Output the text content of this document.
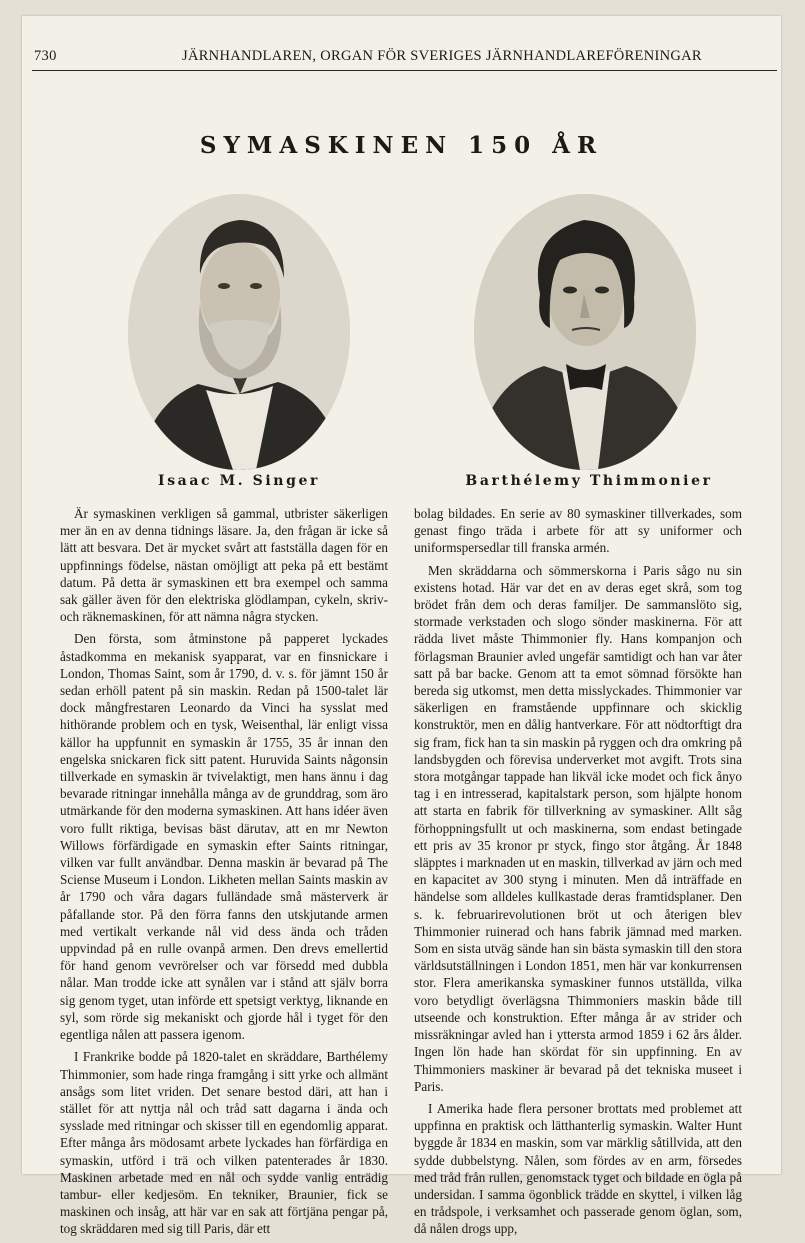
730	JÄRNHANDLAREN, ORGAN FÖR SVERIGES JÄRNHANDLAREFÖRENINGAR
SYMASKINEN 150 ÅR
Isaac M. Singer	Barthélemy Thimmonier

Är symaskinen verkligen så gammal, utbrister säkerligen mer än en av denna tidnings läsare. Ja, den frågan är icke så lätt att besvara. Det är mycket svårt att fastställa dagen för en uppfinnings födelse, nästan omöjligt att peka på ett bestämt datum. På detta är symaskinen ett bra exempel och samma sak gäller även för den elektriska glödlampan, cykeln, skriv- och räknemaskinen, för att nämna några stycken.

Den första, som åtminstone på papperet lyckades åstadkomma en mekanisk syapparat, var en finsnickare i London, Thomas Saint, som år 1790, d. v. s. för jämnt 150 år sedan erhöll patent på sin maskin. Redan på 1500-talet lär dock mångfrestaren Leonardo da Vinci ha sysslat med hithörande problem och en tysk, Weisenthal, lär enligt vissa källor ha uppfunnit en symaskin år 1755, 35 år innan den engelska snickaren fick sitt patent. Huruvida Saints någonsin tillverkade en symaskin är tvivelaktigt, men hans ännu i dag bevarade ritningar innehålla många av de grunddrag, som äro utmärkande för den moderna symaskinen. Att hans idéer även voro fullt riktiga, bevisas bäst därutav, att en mr Newton Willows förfärdigade en symaskin efter Saints ritningar, vilken var fullt användbar. Denna maskin är bevarad på The Sciense Museum i London. Likheten mellan Saints maskin av år 1790 och våra dagars fulländade små mästerverk är påfallande stor. På den förra fanns den utskjutande armen med vertikalt verkande nål vid dess ända och tråden uppvindad på en rulle ovanpå armen. Den drevs emellertid för hand genom vevrörelser och var försedd med dubbla nålar. Man trodde icke att synålen var i stånd att själv borra sig genom tyget, utan införde ett spetsigt verktyg, liknande en syl, som rörde sig mekaniskt och gjorde hål i tyget för den egentliga nålen att passera igenom.

I Frankrike bodde på 1820-talet en skräddare, Barthélemy Thimmonier, som hade ringa framgång i sitt yrke och allmänt ansågs som litet vriden. Det senare bestod däri, att han i stället för att nyttja nål och tråd satt dagarna i ända och sysslade med ritningar och skisser till en egendomlig apparat. Efter många års mödosamt arbete lyckades han förfärdiga en symaskin, utförd i trä och vilken patenterades år 1830. Maskinen arbetade med en nål och sydde vanlig enträdig tambur- eller kedjesöm. En tekniker, Braunier, fick se maskinen och insåg, att här var en sak att förtjäna pengar på, tog skräddaren med sig till Paris, där ett

bolag bildades. En serie av 80 symaskiner tillverkades, som genast fingo träda i arbete för att sy uniformer och uniformspersedlar till franska armén.

Men skräddarna och sömmerskorna i Paris sågo nu sin existens hotad. Här var det en av deras eget skrå, som tog brödet från dem och deras familjer. De sammanslöto sig, stormade verkstaden och slogo sönder maskinerna. För att rädda livet måste Thimmonier fly. Hans kompanjon och förlagsman Braunier avled ungefär samtidigt och han var åter satt på bar backe. Genom att ta emot sömnad försökte han bereda sig utkomst, men detta misslyckades. Thimmonier var säkerligen en framstående uppfinnare och skicklig konstruktör, men en dålig hantverkare. För att nödtorftigt dra sig fram, fick han ta sin maskin på ryggen och dra omkring på landsbygden och förevisa underverket mot avgift. Trots sina stora motgångar tappade han likväl icke modet och fick ånyo tag i en intresserad, kapitalstark person, som hjälpte honom att starta en fabrik för tillverkning av symaskiner. Allt såg förhoppningsfullt ut och maskinerna, som endast betingade ett pris av 35 kronor pr styck, fingo stor åtgång. År 1848 släpptes i marknaden ut en maskin, tillverkad av järn och med en kapacitet av 300 styng i minuten. Men då inträffade en händelse som alldeles kullkastade deras framtidsplaner. Den s. k. februarirevolutionen bröt ut och återigen blev Thimmonier ruinerad och hans fabrik jämnad med marken. Som en sista utväg sände han sin bästa symaskin till den stora världsutställningen i London 1851, men här var konkurrensen stor. Flera amerikanska symaskiner funnos utställda, vilka voro betydligt överlägsna Thimmoniers maskin både till utseende och konstruktion. Efter många år av strider och missräkningar avled han i yttersta armod 1859 i 62 års ålder. Ingen lön hade han skördat för sin uppfinning. En av Thimmoniers maskiner är bevarad på det tekniska museet i Paris.

I Amerika hade flera personer brottats med problemet att uppfinna en praktisk och lätthanterlig symaskin. Walter Hunt byggde år 1834 en maskin, som var märklig såtillvida, att den sydde dubbelstyng. Nålen, som fördes av en arm, försedes med tråd från rullen, genomstack tyget och bildade en ögla på undersidan. I samma ögonblick trädde en skyttel, i vilken låg en trådspole, i verksamhet och passerade genom öglan, som, då nålen drogs upp,
